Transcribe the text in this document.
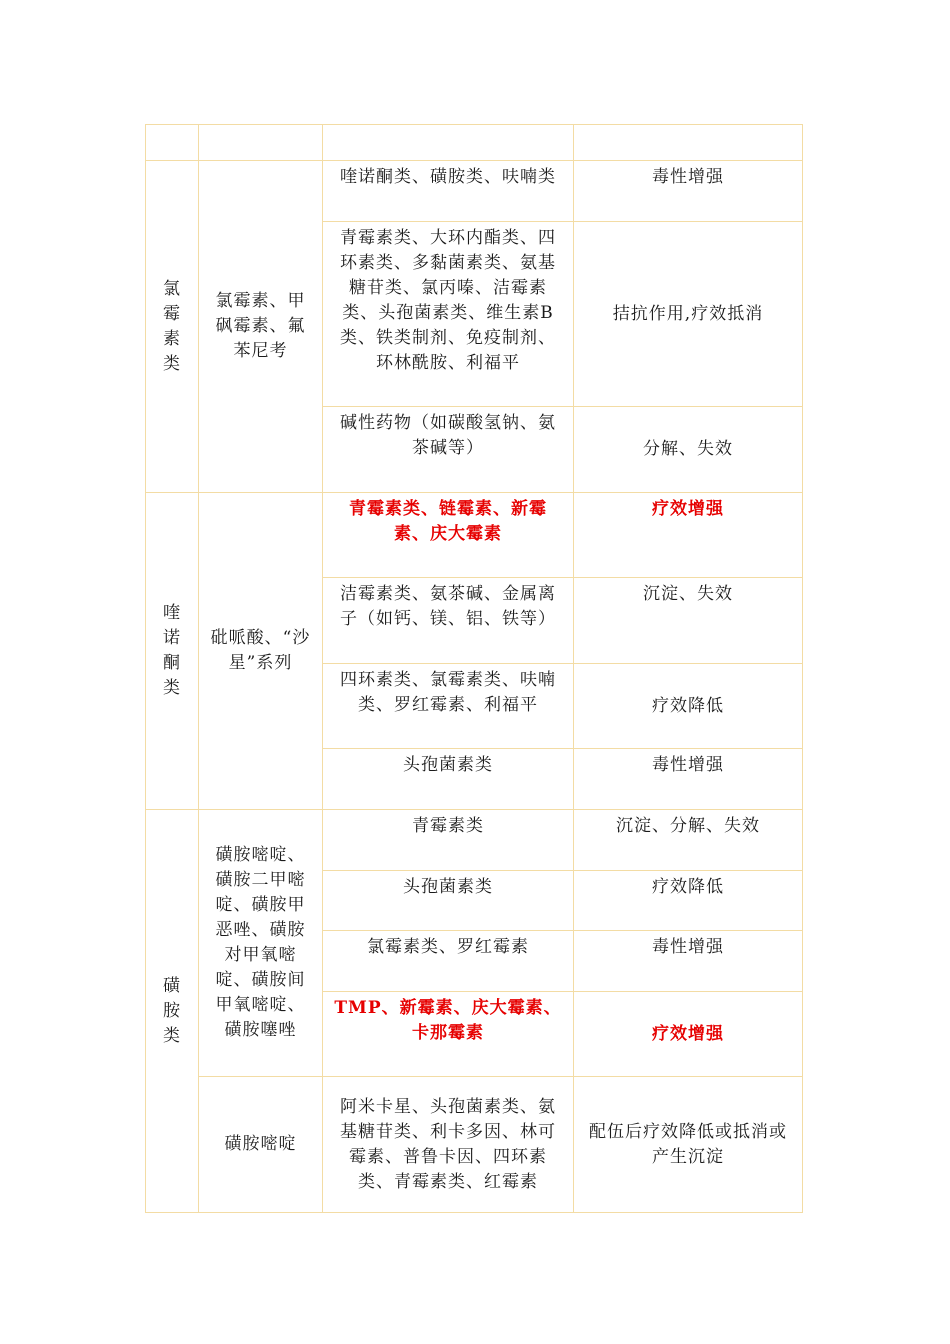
氯霉素类	氯霉素、甲砜霉素、氟苯尼考	喹诺酮类、磺胺类、呋喃类	毒性增强
		青霉素类、大环内酯类、四环素类、多黏菌素类、氨基糖苷类、氯丙嗪、洁霉素类、头孢菌素类、维生素B类、铁类制剂、免疫制剂、环林酰胺、利福平	拮抗作用,疗效抵消
		碱性药物（如碳酸氢钠、氨茶碱等）	分解、失效
喹诺酮类	砒哌酸、“沙星”系列	青霉素类、链霉素、新霉素、庆大霉素	疗效增强
		洁霉素类、氨茶碱、金属离子（如钙、镁、铝、铁等）	沉淀、失效
		四环素类、氯霉素类、呋喃类、罗红霉素、利福平	疗效降低
		头孢菌素类	毒性增强
磺胺类	磺胺嘧啶、磺胺二甲嘧啶、磺胺甲恶唑、磺胺对甲氧嘧啶、磺胺间甲氧嘧啶、磺胺噻唑	青霉素类	沉淀、分解、失效
		头孢菌素类	疗效降低
		氯霉素类、罗红霉素	毒性增强
		TMP、新霉素、庆大霉素、卡那霉素	疗效增强
	磺胺嘧啶	阿米卡星、头孢菌素类、氨基糖苷类、利卡多因、林可霉素、普鲁卡因、四环素类、青霉素类、红霉素	配伍后疗效降低或抵消或产生沉淀
